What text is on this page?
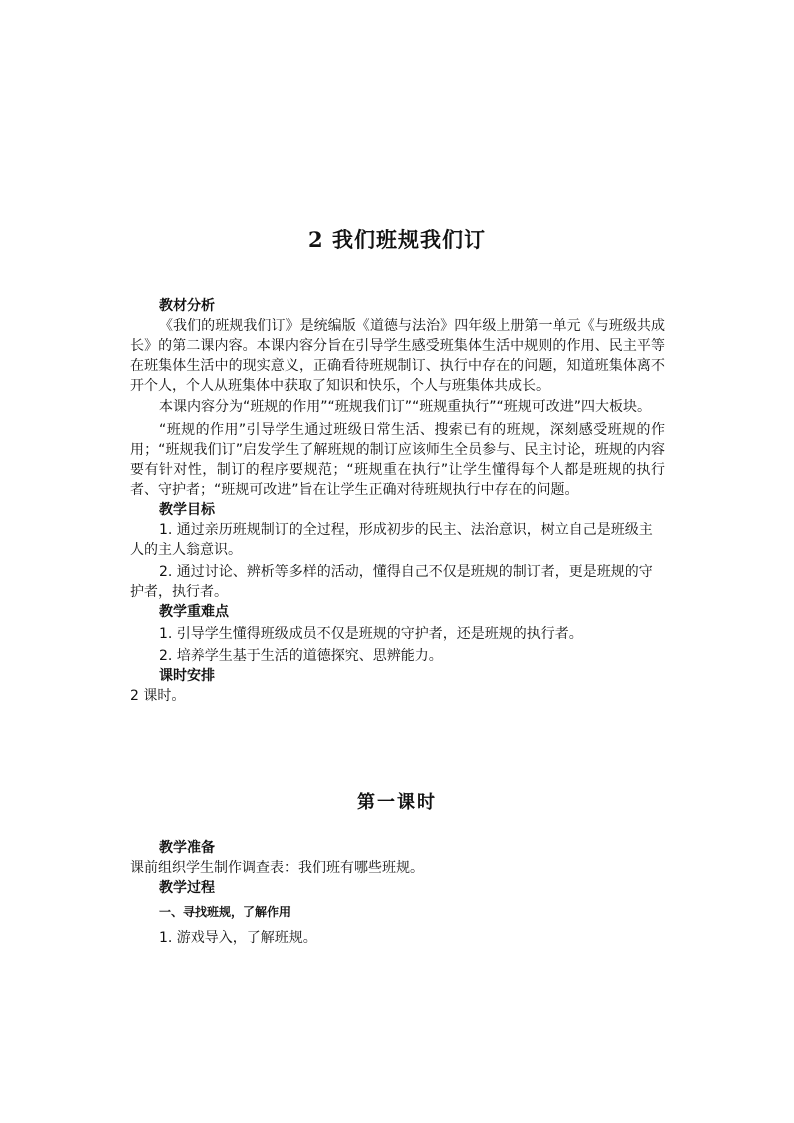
2 我们班规我们订

教材分析

《我们的班规我们订》是统编版《道德与法治》四年级上册第一单元《与班级共成长》的第二课内容。本课内容分旨在引导学生感受班集体生活中规则的作用、民主平等在班集体生活中的现实意义，正确看待班规制订、执行中存在的问题，知道班集体离不开个人，个人从班集体中获取了知识和快乐，个人与班集体共成长。

本课内容分为“班规的作用”“班规我们订”“班规重执行”“班规可改进”四大板块。

“班规的作用”引导学生通过班级日常生活、搜索已有的班规，深刻感受班规的作用；“班规我们订”启发学生了解班规的制订应该师生全员参与、民主讨论，班规的内容要有针对性，制订的程序要规范；“班规重在执行”让学生懂得每个人都是班规的执行者、守护者；“班规可改进”旨在让学生正确对待班规执行中存在的问题。

教学目标

1. 通过亲历班规制订的全过程，形成初步的民主、法治意识，树立自己是班级主人的主人翁意识。

2. 通过讨论、辨析等多样的活动，懂得自己不仅是班规的制订者，更是班规的守护者，执行者。

教学重难点

1. 引导学生懂得班级成员不仅是班规的守护者，还是班规的执行者。

2. 培养学生基于生活的道德探究、思辨能力。

课时安排

2 课时。

第一课时

教学准备

课前组织学生制作调查表：我们班有哪些班规。

教学过程

一、寻找班规，了解作用

1. 游戏导入，了解班规。
